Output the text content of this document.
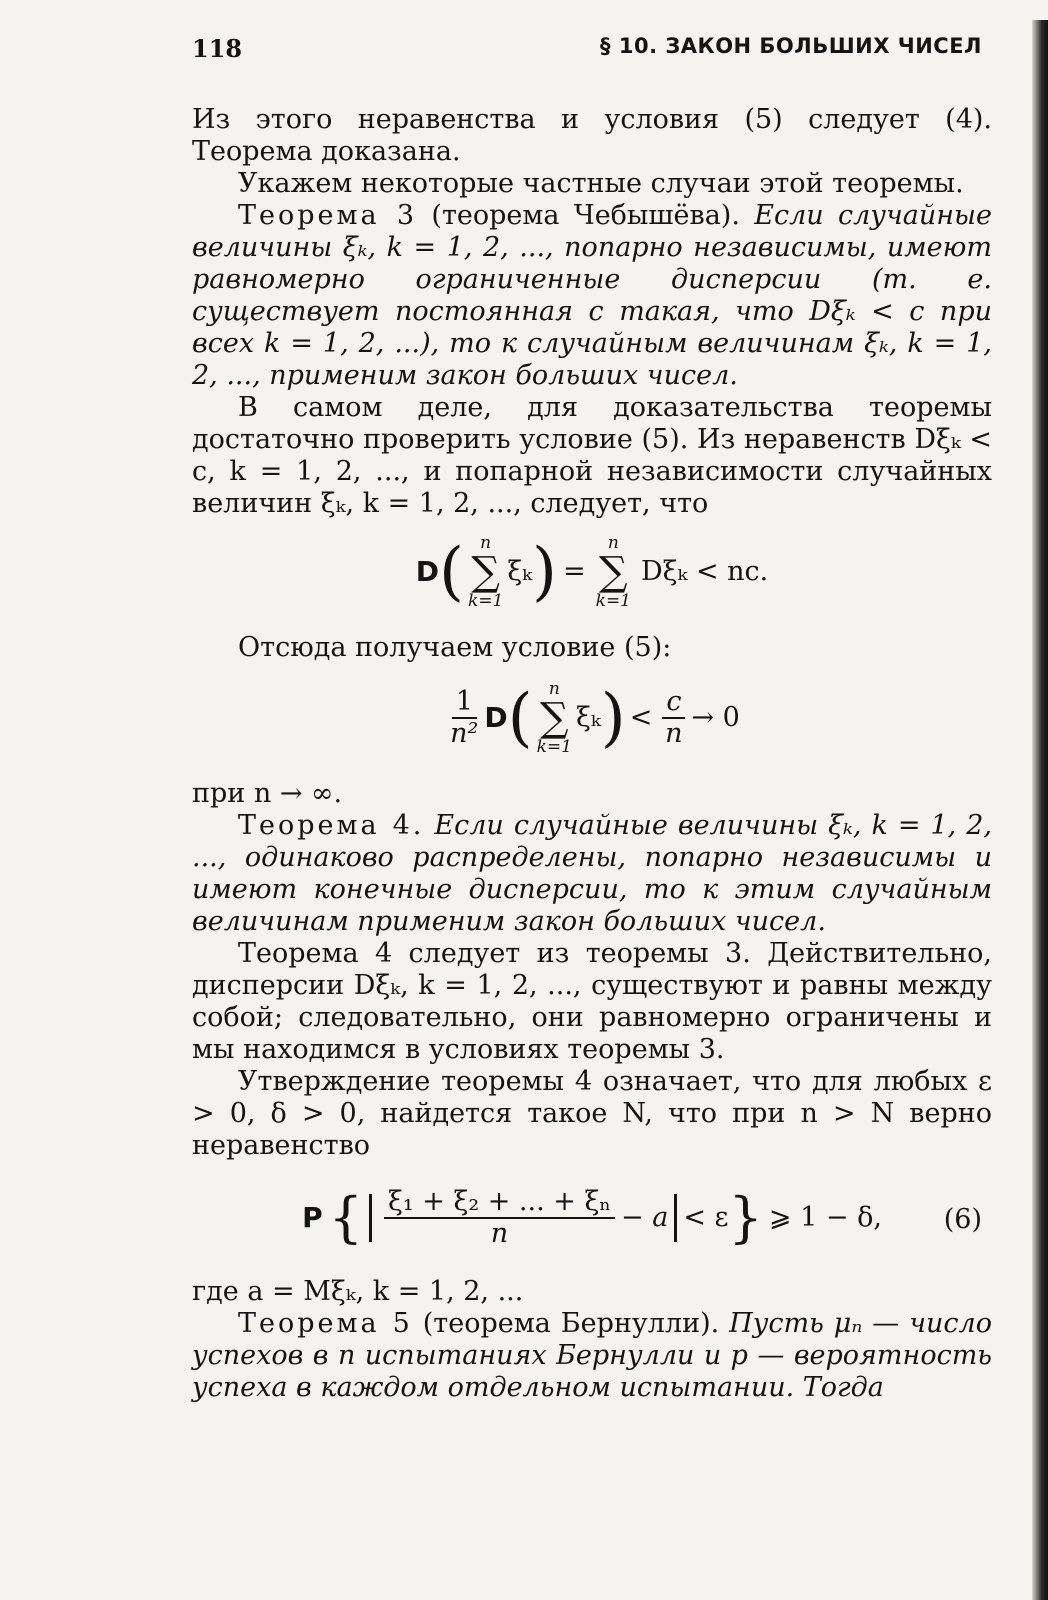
118	§ 10. ЗАКОН БОЛЬШИХ ЧИСЕЛ

Из этого неравенства и условия (5) следует (4). Теорема доказана.

Укажем некоторые частные случаи этой теоремы.

Теорема 3 (теорема Чебышёва). Если случайные величины ξₖ, k = 1, 2, ..., попарно независимы, имеют равномерно ограниченные дисперсии (т. е. существует постоянная c такая, что Dξₖ < c при всех k = 1, 2, ...), то к случайным величинам ξₖ, k = 1, 2, ..., применим закон больших чисел.

В самом деле, для доказательства теоремы достаточно проверить условие (5). Из неравенств Dξₖ < c, k = 1, 2, ..., и попарной независимости случайных величин ξₖ, k = 1, 2, ..., следует, что

D ( n
∑
k=1
ξₖ ) =
n
∑
k=1
Dξₖ < nc.

Отсюда получаем условие (5):

$\frac{1}{\text{n²}}$ D ( n
∑
k=1
ξₖ ) < $\frac{c}{n} \to 0$

при n → ∞.

Теорема 4. Если случайные величины ξₖ, k = 1, 2, ..., одинаково распределены, попарно независимы и имеют конечные дисперсии, то к этим случайным величинам применим закон больших чисел.

Теорема 4 следует из теоремы 3. Действительно, дисперсии Dξₖ, k = 1, 2, ..., существуют и равны между собой; следовательно, они равномерно ограничены и мы находимся в условиях теоремы 3.

Утверждение теоремы 4 означает, что для любых ε > 0, δ > 0, найдется такое N, что при n > N верно неравенство

P { $\frac{\text{ξ₁ + ξ₂ + ... + ξₙ}}{n} - a < \varepsilon$ } ⩾ 1 − δ, (6)

где a = Mξₖ, k = 1, 2, ...

Теорема 5 (теорема Бернулли). Пусть μₙ — число успехов в n испытаниях Бернулли и p — вероятность успеха в каждом отдельном испытании. Тогда
